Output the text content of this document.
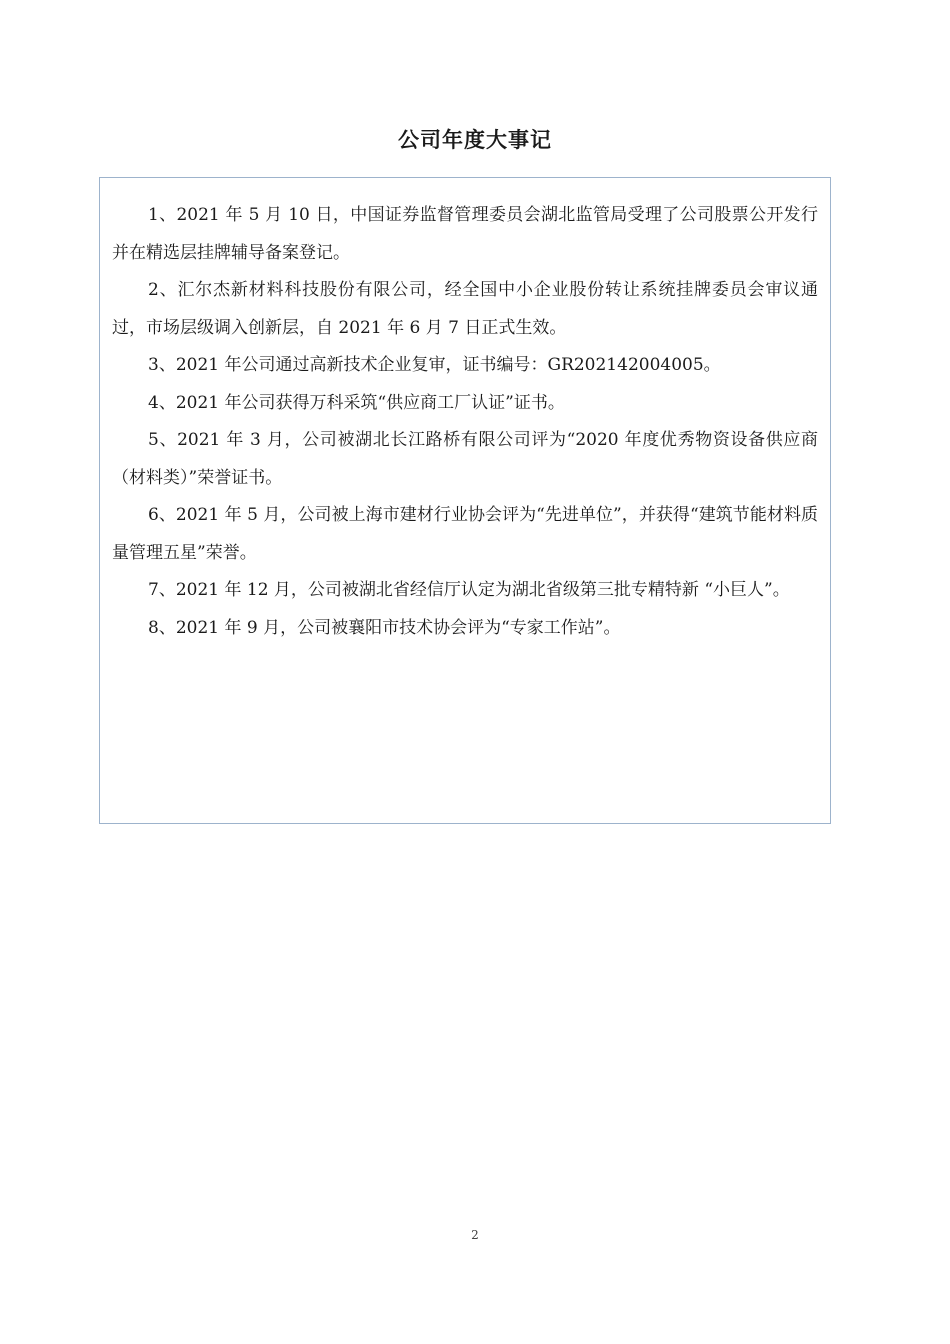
公司年度大事记

1、2021 年 5 月 10 日，中国证券监督管理委员会湖北监管局受理了公司股票公开发行并在精选层挂牌辅导备案登记。

2、汇尔杰新材料科技股份有限公司，经全国中小企业股份转让系统挂牌委员会审议通过，市场层级调入创新层，自 2021 年 6 月 7 日正式生效。

3、2021 年公司通过高新技术企业复审，证书编号：GR202142004005。

4、2021 年公司获得万科采筑“供应商工厂认证”证书。

5、2021 年 3 月，公司被湖北长江路桥有限公司评为“2020 年度优秀物资设备供应商（材料类）”荣誉证书。

6、2021 年 5 月，公司被上海市建材行业协会评为“先进单位”，并获得“建筑节能材料质量管理五星”荣誉。

7、2021 年 12 月，公司被湖北省经信厅认定为湖北省级第三批专精特新 “小巨人”。

8、2021 年 9 月，公司被襄阳市技术协会评为“专家工作站”。

2
